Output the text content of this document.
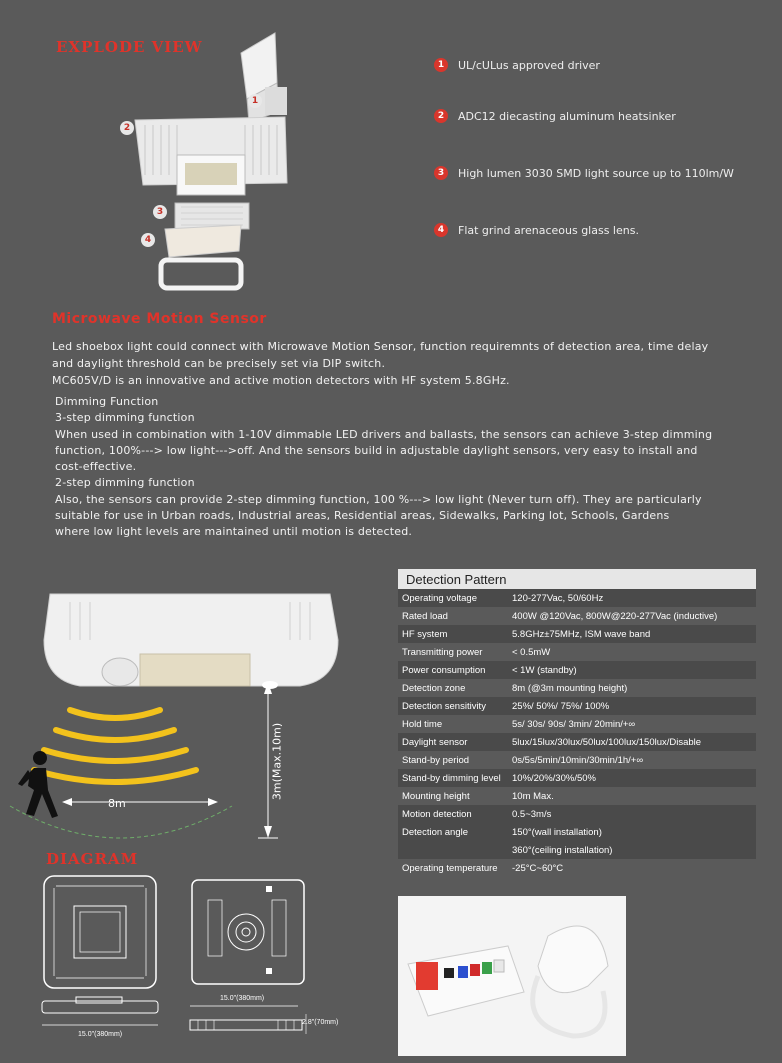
EXPLODE VIEW
1
2
3
4
1	UL/cULus approved driver
2	ADC12 diecasting aluminum heatsinker
3	High lumen 3030 SMD light source up to 110lm/W
4	Flat grind arenaceous glass lens.
Microwave Motion Sensor
Led shoebox light could connect with Microwave Motion Sensor, function requiremnts of detection area, time delay
and daylight threshold can be precisely set via DIP switch.
MC605V/D is an innovative and active motion detectors with HF system 5.8GHz.
Dimming Function
3-step dimming function
When used in combination with 1-10V dimmable LED drivers and ballasts, the sensors can achieve 3-step dimming
function, 100%---> low light--->off. And the sensors build in adjustable daylight sensors, very easy to install and
cost-effective.
2-step dimming function
Also, the sensors can provide 2-step dimming function, 100 %---> low light (Never turn off). They are particularly
suitable for use in Urban roads, Industrial areas, Residential areas, Sidewalks, Parking lot, Schools, Gardens
where low light levels are maintained until motion is detected.
8m
3m(Max.10m)
Detection Pattern
Operating voltage	120-277Vac, 50/60Hz
Rated load	400W @120Vac, 800W@220-277Vac (inductive)
HF system	5.8GHz±75MHz, ISM wave band
Transmitting power	< 0.5mW
Power consumption	< 1W (standby)
Detection zone	8m (@3m mounting height)
Detection sensitivity	25%/ 50%/ 75%/ 100%
Hold time	5s/ 30s/ 90s/ 3min/ 20min/+∞
Daylight sensor	5lux/15lux/30lux/50lux/100lux/150lux/Disable
Stand-by period	0s/5s/5min/10min/30min/1h/+∞
Stand-by dimming level	10%/20%/30%/50%
Mounting height	10m Max.
Motion detection	0.5~3m/s
Detection angle	150°(wall installation)
	360°(ceiling installation)
Operating temperature	-25°C~60°C
DIAGRAM
15.0"(380mm)
15.0"(380mm)
2.8"(70mm)
